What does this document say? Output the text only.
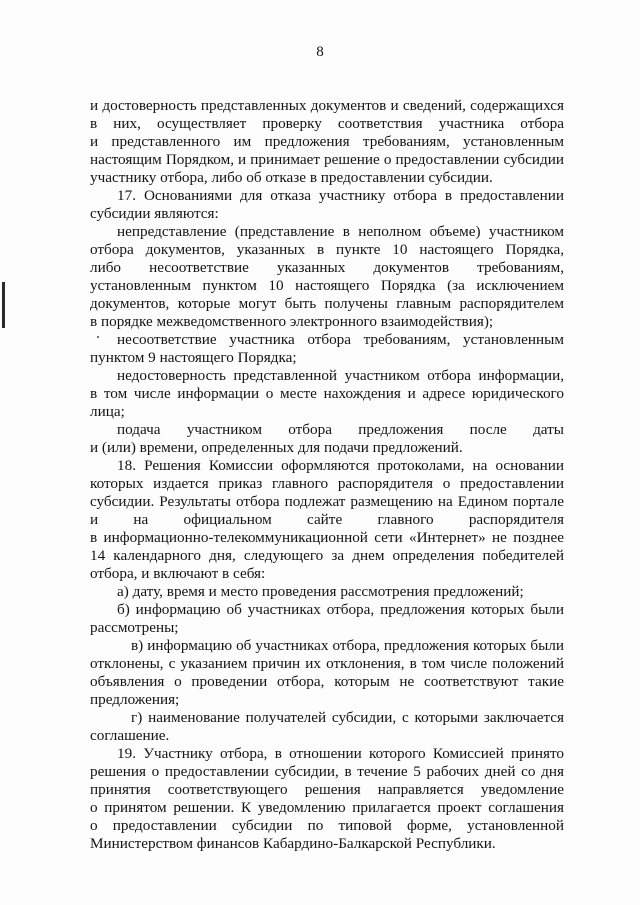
8
и достоверность представленных документов и сведений, содержащихся
в них, осуществляет проверку соответствия участника отбора
и представленного им предложения требованиям, установленным
настоящим Порядком, и принимает решение о предоставлении субсидии
участнику отбора, либо об отказе в предоставлении субсидии.
17. Основаниями для отказа участнику отбора в предоставлении
субсидии являются:
непредставление (представление в неполном объеме) участником
отбора документов, указанных в пункте 10 настоящего Порядка,
либо несоответствие указанных документов требованиям,
установленным пунктом 10 настоящего Порядка (за исключением
документов, которые могут быть получены главным распорядителем
в порядке межведомственного электронного взаимодействия);
несоответствие участника отбора требованиям, установленным
пунктом 9 настоящего Порядка;
недостоверность представленной участником отбора информации,
в том числе информации о месте нахождения и адресе юридического
лица;
подача участником отбора предложения после даты
и (или) времени, определенных для подачи предложений.
18. Решения Комиссии оформляются протоколами, на основании
которых издается приказ главного распорядителя о предоставлении
субсидии. Результаты отбора подлежат размещению на Едином портале
и на официальном сайте главного распорядителя
в информационно-телекоммуникационной сети «Интернет» не позднее
14 календарного дня, следующего за днем определения победителей
отбора, и включают в себя:
а) дату, время и место проведения рассмотрения предложений;
б) информацию об участниках отбора, предложения которых были
рассмотрены;
в) информацию об участниках отбора, предложения которых были
отклонены, с указанием причин их отклонения, в том числе положений
объявления о проведении отбора, которым не соответствуют такие
предложения;
г) наименование получателей субсидии, с которыми заключается
соглашение.
19. Участнику отбора, в отношении которого Комиссией принято
решения о предоставлении субсидии, в течение 5 рабочих дней со дня
принятия соответствующего решения направляется уведомление
о принятом решении. К уведомлению прилагается проект соглашения
о предоставлении субсидии по типовой форме, установленной
Министерством финансов Кабардино-Балкарской Республики.
